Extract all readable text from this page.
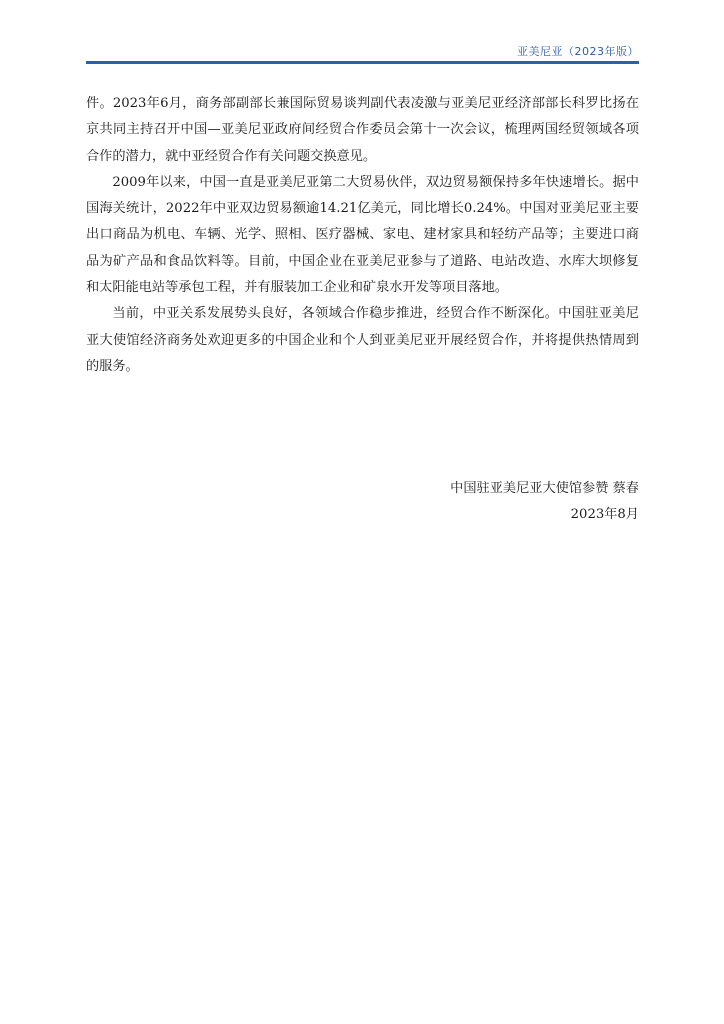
亚美尼亚（2023年版）

件。2023年6月，商务部副部长兼国际贸易谈判副代表凌激与亚美尼亚经济部部长科罗比扬在京共同主持召开中国—亚美尼亚政府间经贸合作委员会第十一次会议，梳理两国经贸领域各项合作的潜力，就中亚经贸合作有关问题交换意见。

2009年以来，中国一直是亚美尼亚第二大贸易伙伴，双边贸易额保持多年快速增长。据中国海关统计，2022年中亚双边贸易额逾14.21亿美元，同比增长0.24%。中国对亚美尼亚主要出口商品为机电、车辆、光学、照相、医疗器械、家电、建材家具和轻纺产品等；主要进口商品为矿产品和食品饮料等。目前，中国企业在亚美尼亚参与了道路、电站改造、水库大坝修复和太阳能电站等承包工程，并有服装加工企业和矿泉水开发等项目落地。

当前，中亚关系发展势头良好，各领域合作稳步推进，经贸合作不断深化。中国驻亚美尼亚大使馆经济商务处欢迎更多的中国企业和个人到亚美尼亚开展经贸合作，并将提供热情周到的服务。

中国驻亚美尼亚大使馆参赞 蔡春
2023年8月
